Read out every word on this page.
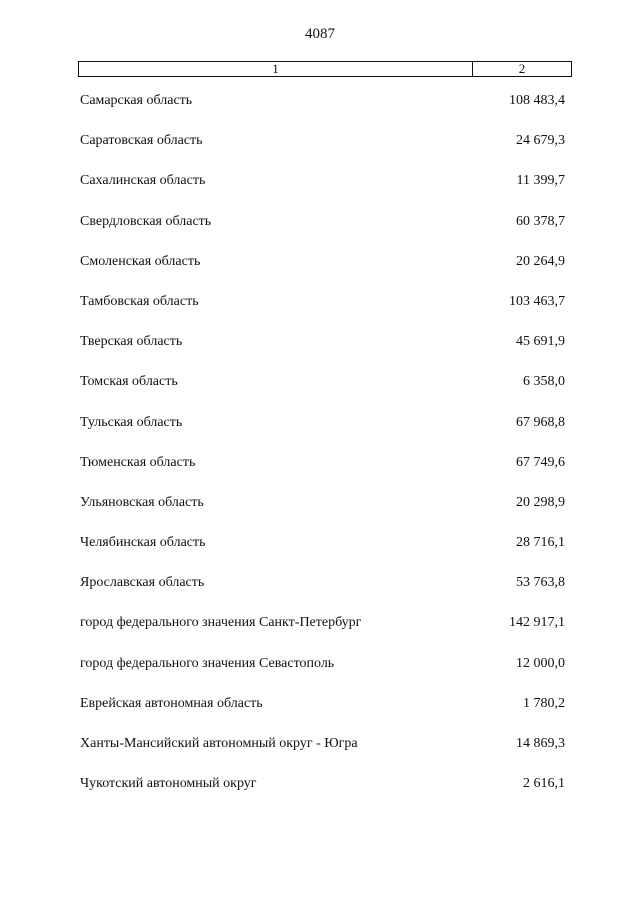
4087
1	2
Самарская область	108 483,4
Саратовская область	24 679,3
Сахалинская область	11 399,7
Свердловская область	60 378,7
Смоленская область	20 264,9
Тамбовская область	103 463,7
Тверская область	45 691,9
Томская область	6 358,0
Тульская область	67 968,8
Тюменская область	67 749,6
Ульяновская область	20 298,9
Челябинская область	28 716,1
Ярославская область	53 763,8
город федерального значения Санкт-Петербург	142 917,1
город федерального значения Севастополь	12 000,0
Еврейская автономная область	1 780,2
Ханты-Мансийский автономный округ - Югра	14 869,3
Чукотский автономный округ	2 616,1
